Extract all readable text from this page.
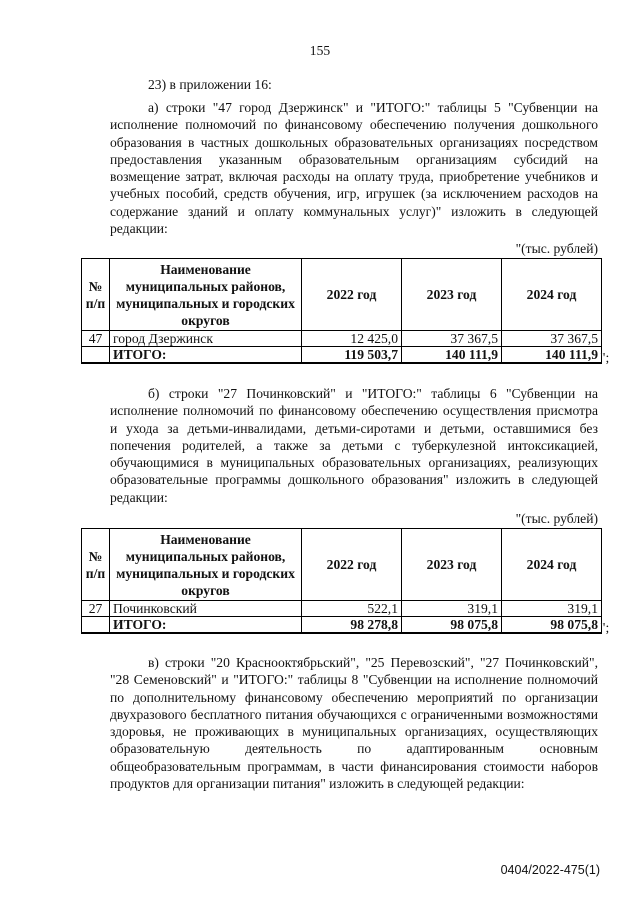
155

23) в приложении 16:

а) строки "47 город Дзержинск" и "ИТОГО:" таблицы 5 "Субвенции на исполнение полномочий по финансовому обеспечению получения дошкольного образования в частных дошкольных образовательных организациях посредством предоставления указанным образовательным организациям субсидий на возмещение затрат, включая расходы на оплату труда, приобретение учебников и учебных пособий, средств обучения, игр, игрушек (за исключением расходов на содержание зданий и оплату коммунальных услуг)" изложить в следующей редакции:

"(тыс. рублей)
№ п/п	Наименование муниципальных районов, муниципальных и городских округов	2022 год	2023 год	2024 год
47	город Дзержинск	12 425,0	37 367,5	37 367,5
	ИТОГО:	119 503,7	140 111,9	140 111,9 ";

б) строки "27 Починковский" и "ИТОГО:" таблицы 6 "Субвенции на исполнение полномочий по финансовому обеспечению осуществления присмотра и ухода за детьми-инвалидами, детьми-сиротами и детьми, оставшимися без попечения родителей, а также за детьми с туберкулезной интоксикацией, обучающимися в муниципальных образовательных организациях, реализующих образовательные программы дошкольного образования" изложить в следующей редакции:

"(тыс. рублей)
№ п/п	Наименование муниципальных районов, муниципальных и городских округов	2022 год	2023 год	2024 год
27	Починковский	522,1	319,1	319,1
	ИТОГО:	98 278,8	98 075,8	98 075,8 ";

в) строки "20 Краснооктябрьский", "25 Перевозский", "27 Починковский", "28 Семеновский" и "ИТОГО:" таблицы 8 "Субвенции на исполнение полномочий по дополнительному финансовому обеспечению мероприятий по организации двухразового бесплатного питания обучающихся с ограниченными возможностями здоровья, не проживающих в муниципальных организациях, осуществляющих образовательную деятельность по адаптированным основным общеобразовательным программам, в части финансирования стоимости наборов продуктов для организации питания" изложить в следующей редакции:

0404/2022-475(1)
